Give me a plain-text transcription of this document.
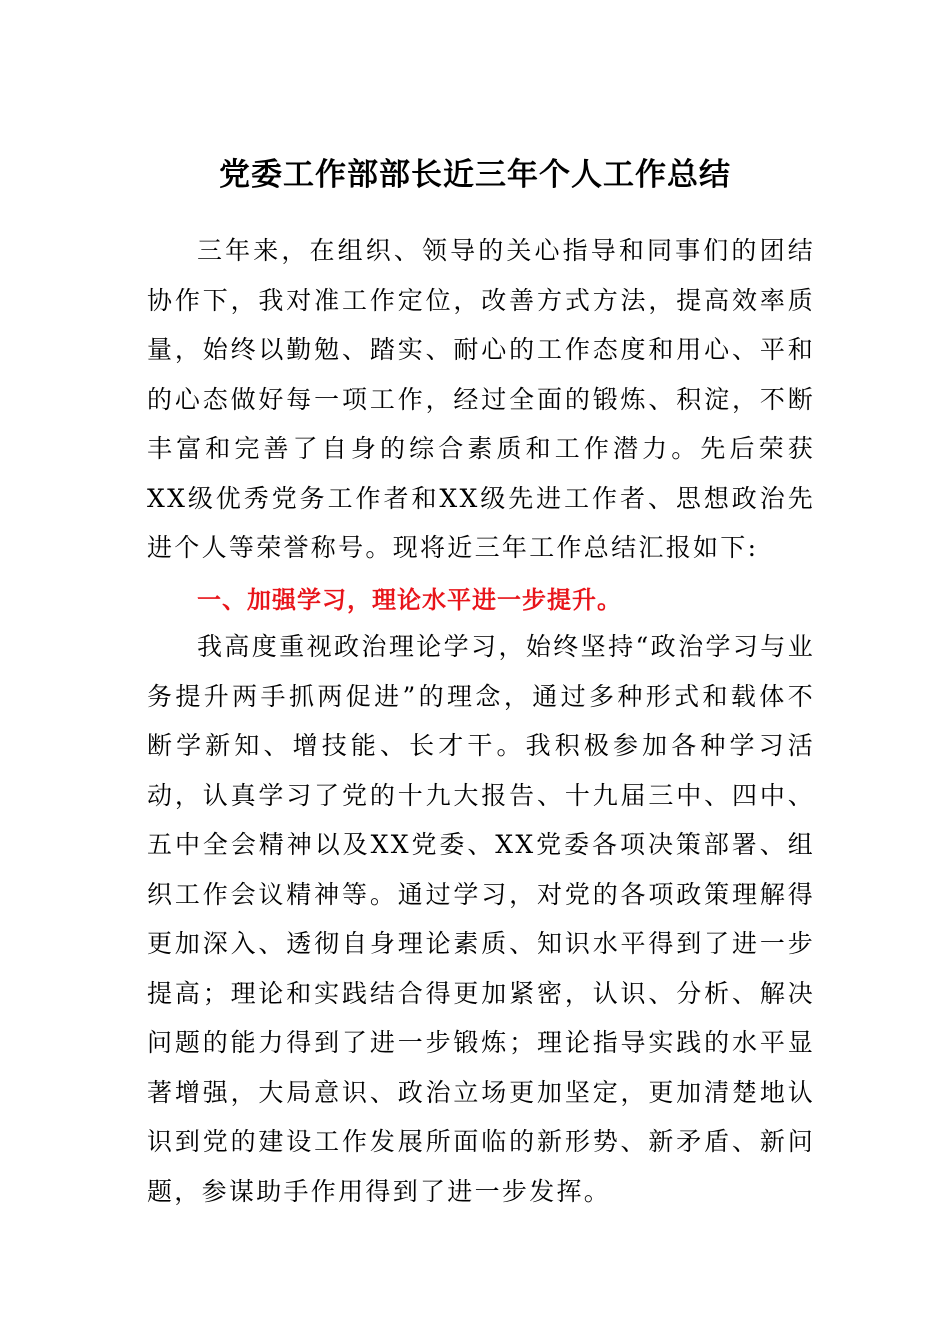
党委工作部部长近三年个人工作总结

三年来，在组织、领导的关心指导和同事们的团结协作下，我对准工作定位，改善方式方法，提高效率质量，始终以勤勉、踏实、耐心的工作态度和用心、平和的心态做好每一项工作，经过全面的锻炼、积淀，不断丰富和完善了自身的综合素质和工作潜力。先后荣获XX级优秀党务工作者和XX级先进工作者、思想政治先进个人等荣誉称号。现将近三年工作总结汇报如下:

一、加强学习，理论水平进一步提升。

我高度重视政治理论学习，始终坚持“政治学习与业务提升两手抓两促进”的理念，通过多种形式和载体不断学新知、增技能、长才干。我积极参加各种学习活动，认真学习了党的十九大报告、十九届三中、四中、五中全会精神以及XX党委、XX党委各项决策部署、组织工作会议精神等。通过学习，对党的各项政策理解得更加深入、透彻自身理论素质、知识水平得到了进一步提高；理论和实践结合得更加紧密，认识、分析、解决问题的能力得到了进一步锻炼；理论指导实践的水平显著增强，大局意识、政治立场更加坚定，更加清楚地认识到党的建设工作发展所面临的新形势、新矛盾、新问题，参谋助手作用得到了进一步发挥。
